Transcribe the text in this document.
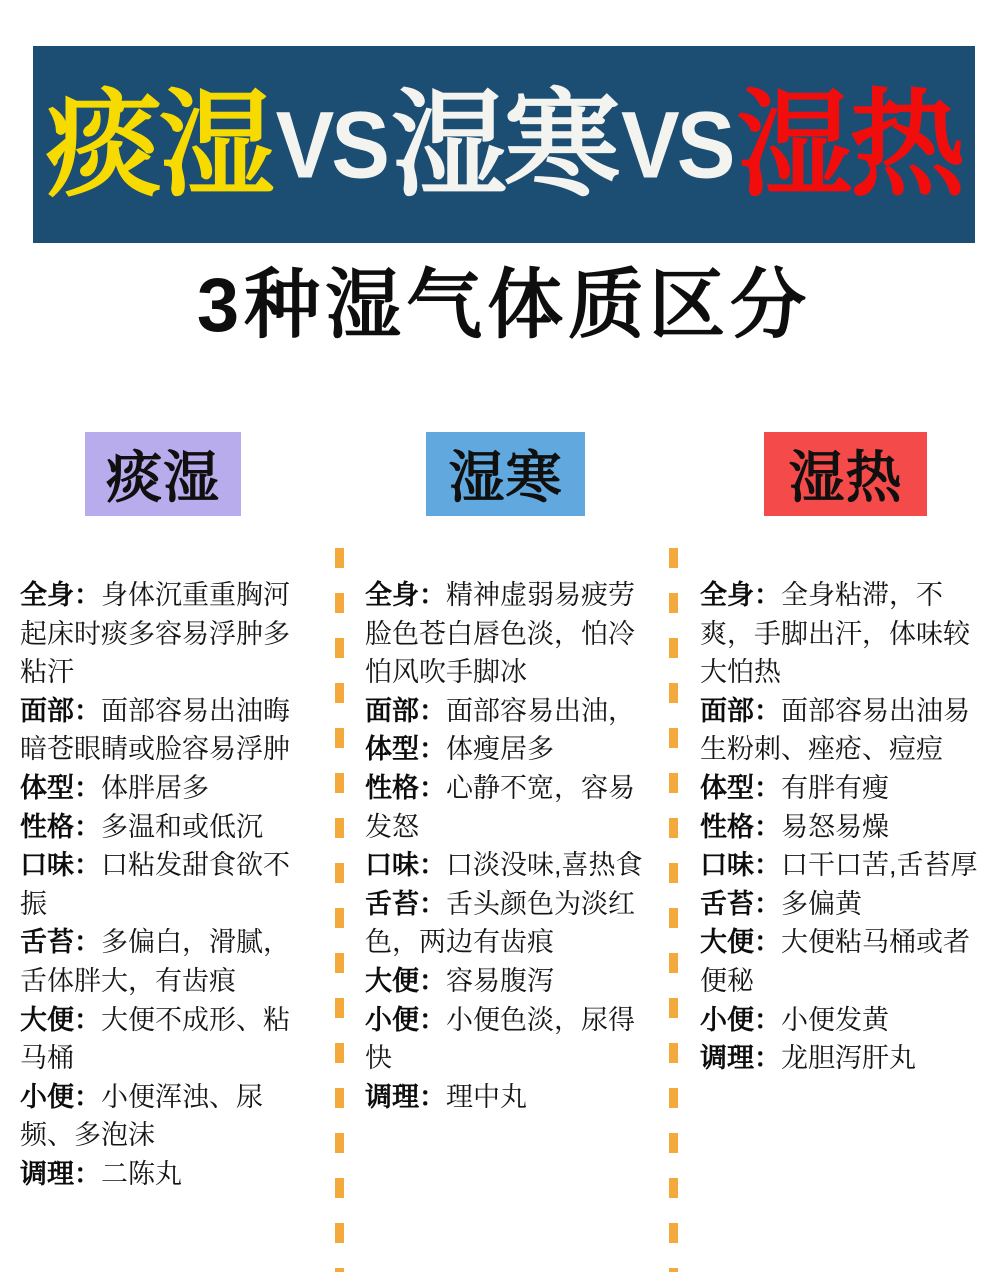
痰湿 VS 湿寒 VS 湿热
3种湿气体质区分
痰湿	湿寒	湿热

全身：身体沉重重胸河起床时痰多容易浮肿多粘汗

面部：面部容易出油晦暗苍眼睛或脸容易浮肿

体型：体胖居多

性格：多温和或低沉

口味：口粘发甜食欲不振

舌苔：多偏白，滑腻，舌体胖大，有齿痕

大便：大便不成形、粘马桶

小便：小便浑浊、尿频、多泡沫

调理：二陈丸

全身：精神虚弱易疲劳脸色苍白唇色淡，怕冷怕风吹手脚冰

面部：面部容易出油，

体型：体瘦居多

性格：心静不宽，容易发怒

口味：口淡没味,喜热食

舌苔：舌头颜色为淡红色，两边有齿痕

大便：容易腹泻

小便：小便色淡，尿得快

调理：理中丸

全身：全身粘滞，不爽，手脚出汗，体味较大怕热

面部：面部容易出油易生粉刺、痤疮、痘痘

体型：有胖有瘦

性格：易怒易燥

口味：口干口苦,舌苔厚

舌苔：多偏黄

大便：大便粘马桶或者便秘

小便：小便发黄

调理：龙胆泻肝丸
